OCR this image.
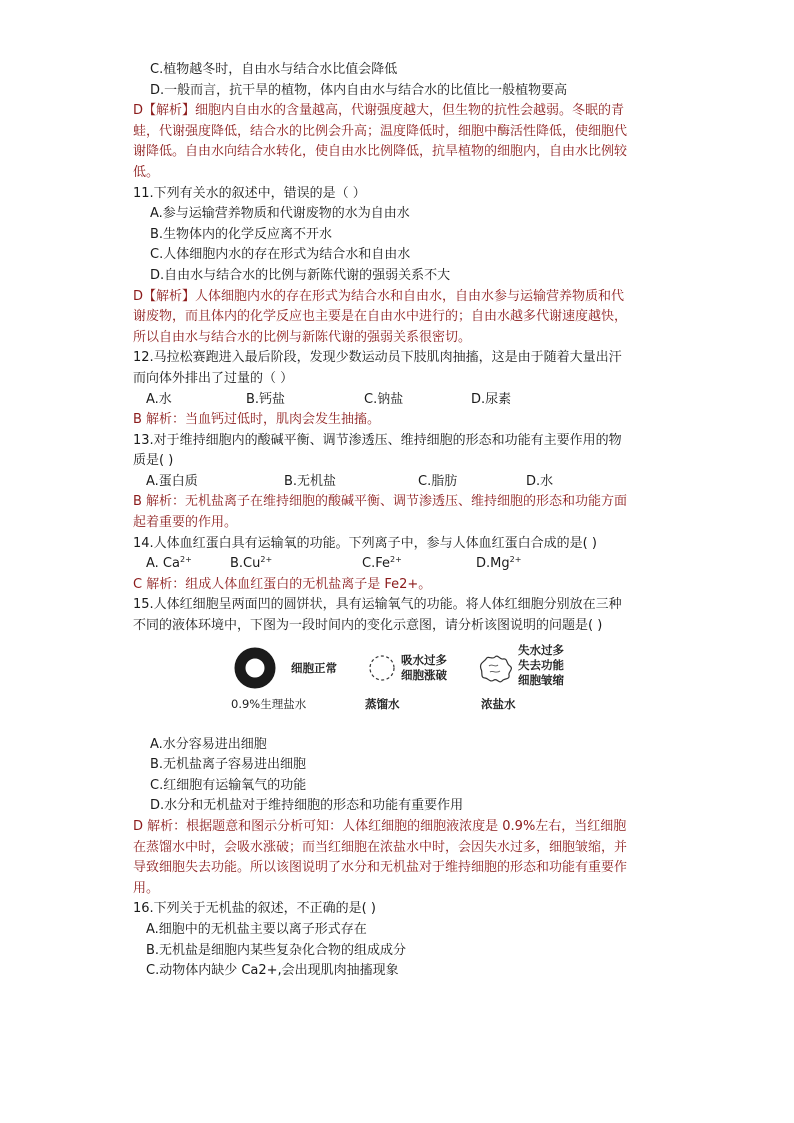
C.植物越冬时，自由水与结合水比值会降低
D.一般而言，抗干旱的植物，体内自由水与结合水的比值比一般植物要高
D【解析】细胞内自由水的含量越高，代谢强度越大，但生物的抗性会越弱。冬眠的青
蛙，代谢强度降低，结合水的比例会升高；温度降低时，细胞中酶活性降低，使细胞代
谢降低。自由水向结合水转化，使自由水比例降低，抗旱植物的细胞内，自由水比例较
低。
11.下列有关水的叙述中，错误的是（ ）
A.参与运输营养物质和代谢废物的水为自由水
B.生物体内的化学反应离不开水
C.人体细胞内水的存在形式为结合水和自由水
D.自由水与结合水的比例与新陈代谢的强弱关系不大
D【解析】人体细胞内水的存在形式为结合水和自由水，自由水参与运输营养物质和代
谢废物，而且体内的化学反应也主要是在自由水中进行的；自由水越多代谢速度越快，
所以自由水与结合水的比例与新陈代谢的强弱关系很密切。
12.马拉松赛跑进入最后阶段，发现少数运动员下肢肌肉抽搐，这是由于随着大量出汗
而向体外排出了过量的（ ）
A.水	B.钙盐	C.钠盐	D.尿素
B 解析：当血钙过低时，肌肉会发生抽搐。
13.对于维持细胞内的酸碱平衡、调节渗透压、维持细胞的形态和功能有主要作用的物
质是( )
A.蛋白质	B.无机盐	C.脂肪	D.水
B 解析：无机盐离子在维持细胞的酸碱平衡、调节渗透压、维持细胞的形态和功能方面
起着重要的作用。
14.人体血红蛋白具有运输氧的功能。下列离子中，参与人体血红蛋白合成的是( )
A. $Ca^{2+}$	$B.Cu^{2+}$	$C.Fe^{2+}$	$D.Mg^{2+}$
C 解析：组成人体血红蛋白的无机盐离子是 Fe2+。
15.人体红细胞呈两面凹的圆饼状，具有运输氧气的功能。将人体红细胞分别放在三种
不同的液体环境中，下图为一段时间内的变化示意图，请分析该图说明的问题是( )
细胞正常
0.9%生理盐水
吸水过多
细胞涨破
蒸馏水
失水过多
失去功能
细胞皱缩
浓盐水
A.水分容易进出细胞
B.无机盐离子容易进出细胞
C.红细胞有运输氧气的功能
D.水分和无机盐对于维持细胞的形态和功能有重要作用
D 解析：根据题意和图示分析可知：人体红细胞的细胞液浓度是 0.9%左右，当红细胞
在蒸馏水中时，会吸水涨破；而当红细胞在浓盐水中时，会因失水过多，细胞皱缩，并
导致细胞失去功能。所以该图说明了水分和无机盐对于维持细胞的形态和功能有重要作
用。
16.下列关于无机盐的叙述，不正确的是( )
A.细胞中的无机盐主要以离子形式存在
B.无机盐是细胞内某些复杂化合物的组成成分
C.动物体内缺少 Ca2+,会出现肌肉抽搐现象
